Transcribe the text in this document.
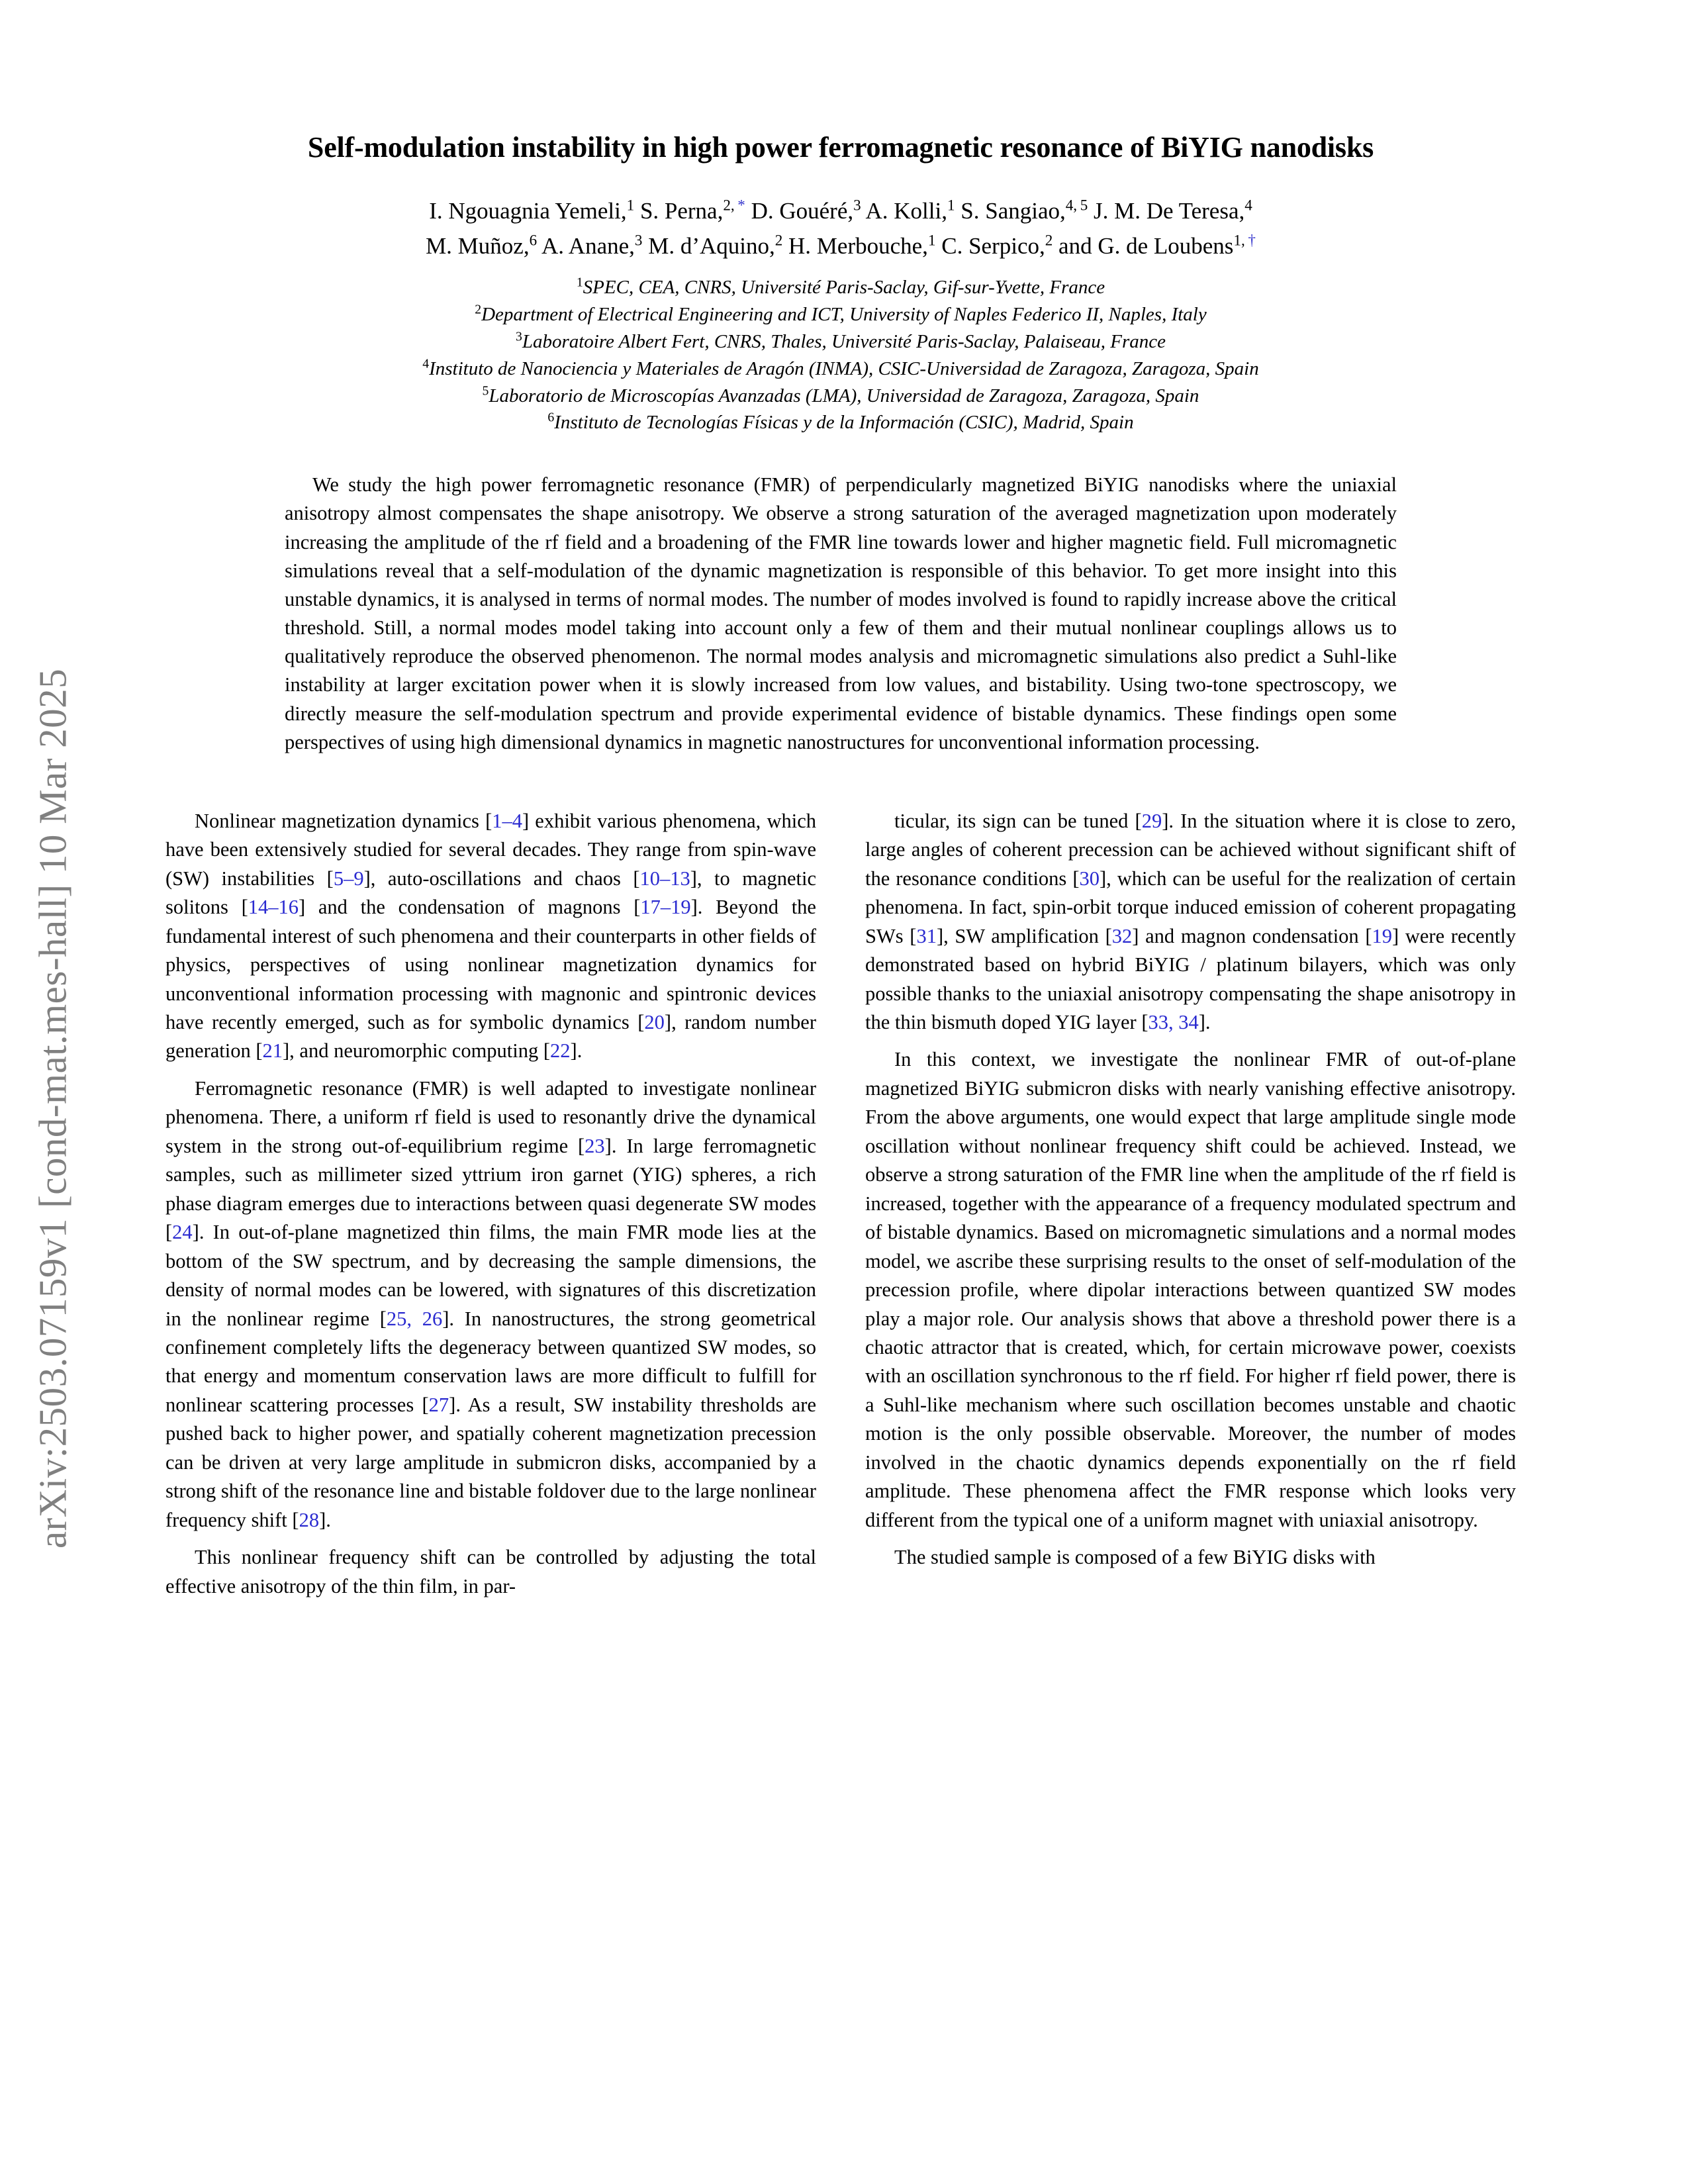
arXiv:2503.07159v1 [cond-mat.mes-hall] 10 Mar 2025
Self-modulation instability in high power ferromagnetic resonance of BiYIG nanodisks
I. Ngouagnia Yemeli,$^1$ S. Perna,$^{2, *}$ D. Gouéré,$^3$ A. Kolli,$^1$ S. Sangiao,$^{4, 5}$ J. M. De Teresa,$^4$
M. Muñoz,$^6$ A. Anane,$^3$ M. d’Aquino,$^2$ H. Merbouche,$^1$ C. Serpico,$^2$ and G. de Loubens$^{1, \dagger}$
$^1$SPEC, CEA, CNRS, Université Paris-Saclay, Gif-sur-Yvette, France
$^2$Department of Electrical Engineering and ICT, University of Naples Federico II, Naples, Italy
$^3$Laboratoire Albert Fert, CNRS, Thales, Université Paris-Saclay, Palaiseau, France
$^4$Instituto de Nanociencia y Materiales de Aragón (INMA), CSIC-Universidad de Zaragoza, Zaragoza, Spain
$^5$Laboratorio de Microscopías Avanzadas (LMA), Universidad de Zaragoza, Zaragoza, Spain
$^6$Instituto de Tecnologías Físicas y de la Información (CSIC), Madrid, Spain

We study the high power ferromagnetic resonance (FMR) of perpendicularly magnetized BiYIG nanodisks where the uniaxial anisotropy almost compensates the shape anisotropy. We observe a strong saturation of the averaged magnetization upon moderately increasing the amplitude of the rf field and a broadening of the FMR line towards lower and higher magnetic field. Full micromagnetic simulations reveal that a self-modulation of the dynamic magnetization is responsible of this behavior. To get more insight into this unstable dynamics, it is analysed in terms of normal modes. The number of modes involved is found to rapidly increase above the critical threshold. Still, a normal modes model taking into account only a few of them and their mutual nonlinear couplings allows us to qualitatively reproduce the observed phenomenon. The normal modes analysis and micromagnetic simulations also predict a Suhl-like instability at larger excitation power when it is slowly increased from low values, and bistability. Using two-tone spectroscopy, we directly measure the self-modulation spectrum and provide experimental evidence of bistable dynamics. These findings open some perspectives of using high dimensional dynamics in magnetic nanostructures for unconventional information processing.

Nonlinear magnetization dynamics [1–4] exhibit various phenomena, which have been extensively studied for several decades. They range from spin-wave (SW) instabilities [5–9], auto-oscillations and chaos [10–13], to magnetic solitons [14–16] and the condensation of magnons [17–19]. Beyond the fundamental interest of such phenomena and their counterparts in other fields of physics, perspectives of using nonlinear magnetization dynamics for unconventional information processing with magnonic and spintronic devices have recently emerged, such as for symbolic dynamics [20], random number generation [21], and neuromorphic computing [22].

Ferromagnetic resonance (FMR) is well adapted to investigate nonlinear phenomena. There, a uniform rf field is used to resonantly drive the dynamical system in the strong out-of-equilibrium regime [23]. In large ferromagnetic samples, such as millimeter sized yttrium iron garnet (YIG) spheres, a rich phase diagram emerges due to interactions between quasi degenerate SW modes [24]. In out-of-plane magnetized thin films, the main FMR mode lies at the bottom of the SW spectrum, and by decreasing the sample dimensions, the density of normal modes can be lowered, with signatures of this discretization in the nonlinear regime [25, 26]. In nanostructures, the strong geometrical confinement completely lifts the degeneracy between quantized SW modes, so that energy and momentum conservation laws are more difficult to fulfill for nonlinear scattering processes [27]. As a result, SW instability thresholds are pushed back to higher power, and spatially coherent magnetization precession can be driven at very large amplitude in submicron disks, accompanied by a strong shift of the resonance line and bistable foldover due to the large nonlinear frequency shift [28].

This nonlinear frequency shift can be controlled by adjusting the total effective anisotropy of the thin film, in par-

ticular, its sign can be tuned [29]. In the situation where it is close to zero, large angles of coherent precession can be achieved without significant shift of the resonance conditions [30], which can be useful for the realization of certain phenomena. In fact, spin-orbit torque induced emission of coherent propagating SWs [31], SW amplification [32] and magnon condensation [19] were recently demonstrated based on hybrid BiYIG / platinum bilayers, which was only possible thanks to the uniaxial anisotropy compensating the shape anisotropy in the thin bismuth doped YIG layer [33, 34].

In this context, we investigate the nonlinear FMR of out-of-plane magnetized BiYIG submicron disks with nearly vanishing effective anisotropy. From the above arguments, one would expect that large amplitude single mode oscillation without nonlinear frequency shift could be achieved. Instead, we observe a strong saturation of the FMR line when the amplitude of the rf field is increased, together with the appearance of a frequency modulated spectrum and of bistable dynamics. Based on micromagnetic simulations and a normal modes model, we ascribe these surprising results to the onset of self-modulation of the precession profile, where dipolar interactions between quantized SW modes play a major role. Our analysis shows that above a threshold power there is a chaotic attractor that is created, which, for certain microwave power, coexists with an oscillation synchronous to the rf field. For higher rf field power, there is a Suhl-like mechanism where such oscillation becomes unstable and chaotic motion is the only possible observable. Moreover, the number of modes involved in the chaotic dynamics depends exponentially on the rf field amplitude. These phenomena affect the FMR response which looks very different from the typical one of a uniform magnet with uniaxial anisotropy.

The studied sample is composed of a few BiYIG disks with
